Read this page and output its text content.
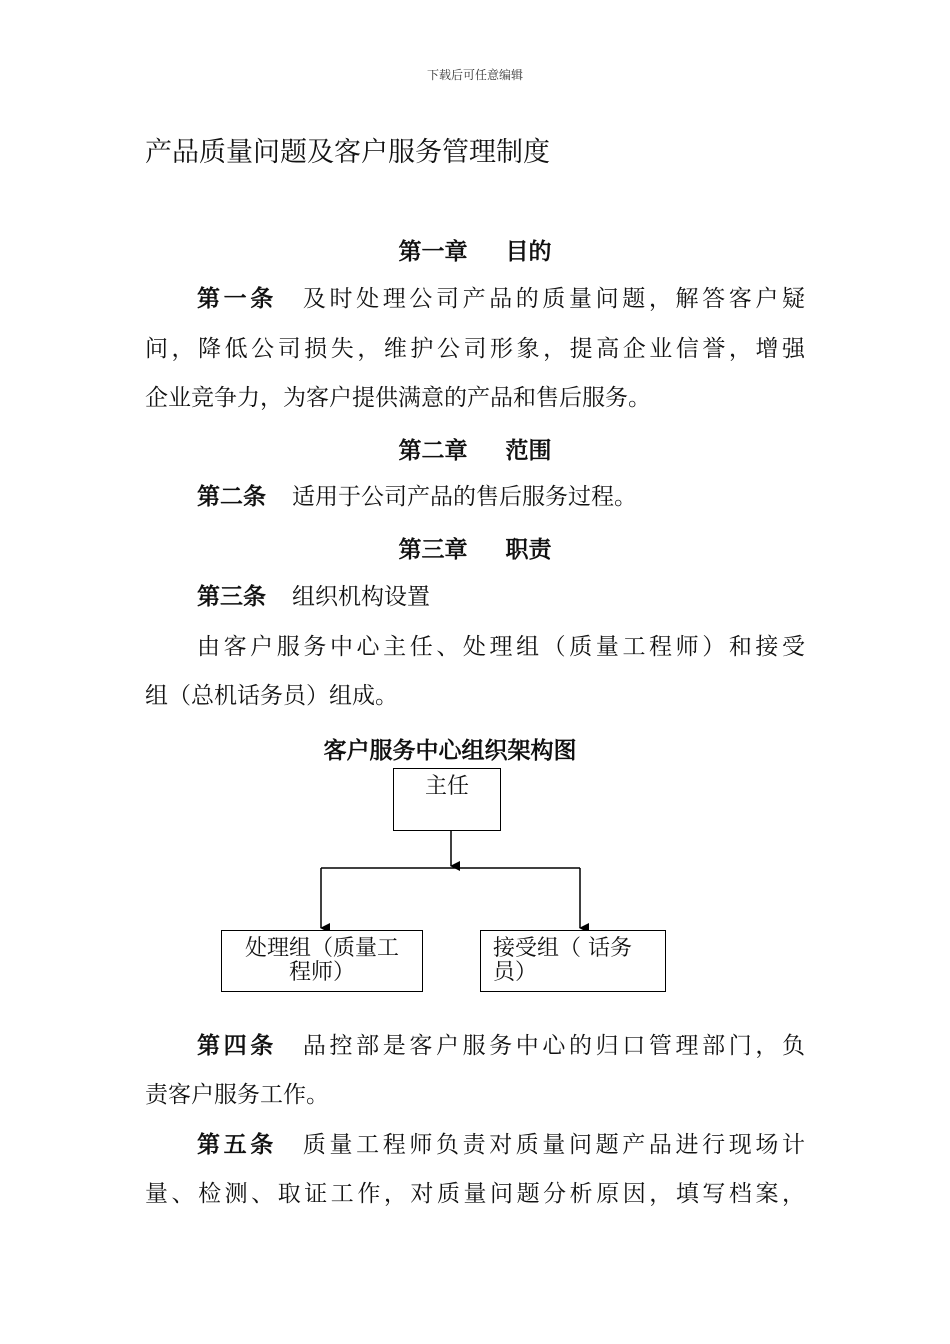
下载后可任意编辑
产品质量问题及客户服务管理制度
第一章 目的
第一条 及时处理公司产品的质量问题，解答客户疑
问，降低公司损失，维护公司形象，提高企业信誉，增强
企业竞争力，为客户提供满意的产品和售后服务。
第二章 范围
第二条 适用于公司产品的售后服务过程。
第三章 职责
第三条 组织机构设置
由客户服务中心主任、处理组（质量工程师）和接受
组（总机话务员）组成。
客户服务中心组织架构图
主任
处理组（质量工
程师）
接受组（ 话务
员）
第四条 品控部是客户服务中心的归口管理部门，负
责客户服务工作。
第五条 质量工程师负责对质量问题产品进行现场计
量、检测、取证工作，对质量问题分析原因，填写档案，
